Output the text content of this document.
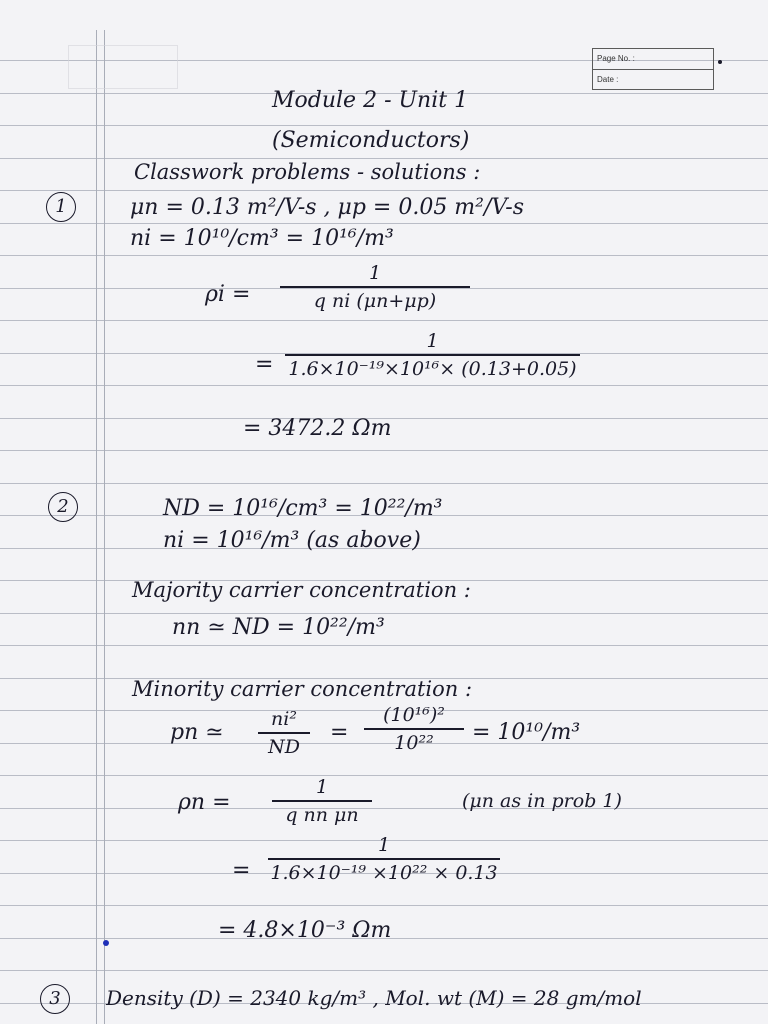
Page No. :
Date :
Module 2 - Unit 1
(Semiconductors)
Classwork problems - solutions :
1	μn = 0.13 m²/V-s , μp = 0.05 m²/V-s
ni = 10¹⁰/cm³ = 10¹⁶/m³
ρi =
1
q ni (μn+μp)
=
1
1.6×10⁻¹⁹×10¹⁶× (0.13+0.05)
= 3472.2 Ωm
2	ND = 10¹⁶/cm³ = 10²²/m³
ni = 10¹⁶/m³ (as above)
Majority carrier concentration :
nn ≃ ND = 10²²/m³
Minority carrier concentration :
pn ≃
ni²
ND
=
(10¹⁶)²
10²²	= 10¹⁰/m³
ρn =
1
q nn μn
(μn as in prob 1)
=
1
1.6×10⁻¹⁹ ×10²² × 0.13
= 4.8×10⁻³ Ωm
3	Density (D) = 2340 kg/m³ , Mol. wt (M) = 28 gm/mol
